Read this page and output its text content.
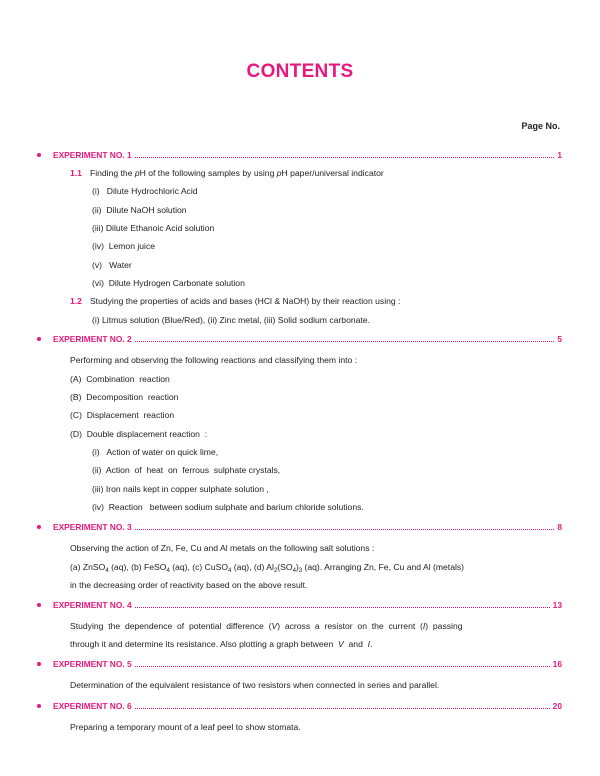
CONTENTS
Page No.
EXPERIMENT NO. 1	1
1.1 Finding the pH of the following samples by using pH paper/universal indicator
(i)   Dilute Hydrochloric Acid
(ii)  Dilute NaOH solution
(iii) Dilute Ethanoic Acid solution
(iv)  Lemon juice
(v)   Water
(vi)  Dilute Hydrogen Carbonate solution
1.2 Studying the properties of acids and bases (HCl & NaOH) by their reaction using :
(i) Litmus solution (Blue/Red), (ii) Zinc metal, (iii) Solid sodium carbonate.
EXPERIMENT NO. 2	5
Performing and observing the following reactions and classifying them into :
(A)  Combination  reaction
(B)  Decomposition  reaction
(C)  Displacement  reaction
(D)  Double displacement reaction  :
(i)   Action of water on quick lime,
(ii)  Action  of  heat  on  ferrous  sulphate crystals,
(iii) Iron nails kept in copper sulphate solution ,
(iv)  Reaction   between sodium sulphate and barium chloride solutions.
EXPERIMENT NO. 3	8
Observing the action of Zn, Fe, Cu and Al metals on the following salt solutions :
(a) ZnSO$_4$ (aq), (b) FeSO$_4$ (aq), (c) CuSO$_4$ (aq), (d) $Al_2(SO_4)_3$ (aq). Arranging Zn, Fe, Cu and Al (metals)
in the decreasing order of reactivity based on the above result.
EXPERIMENT NO. 4	13
Studying  the  dependence  of  potential  difference  (V)  across  a  resistor  on  the  current  (I)  passing
through it and determine its resistance. Also plotting a graph between  V  and  I.
EXPERIMENT NO. 5	16
Determination of the equivalent resistance of two resistors when connected in series and parallel.
EXPERIMENT NO. 6	20
Preparing a temporary mount of a leaf peel to show stomata.
